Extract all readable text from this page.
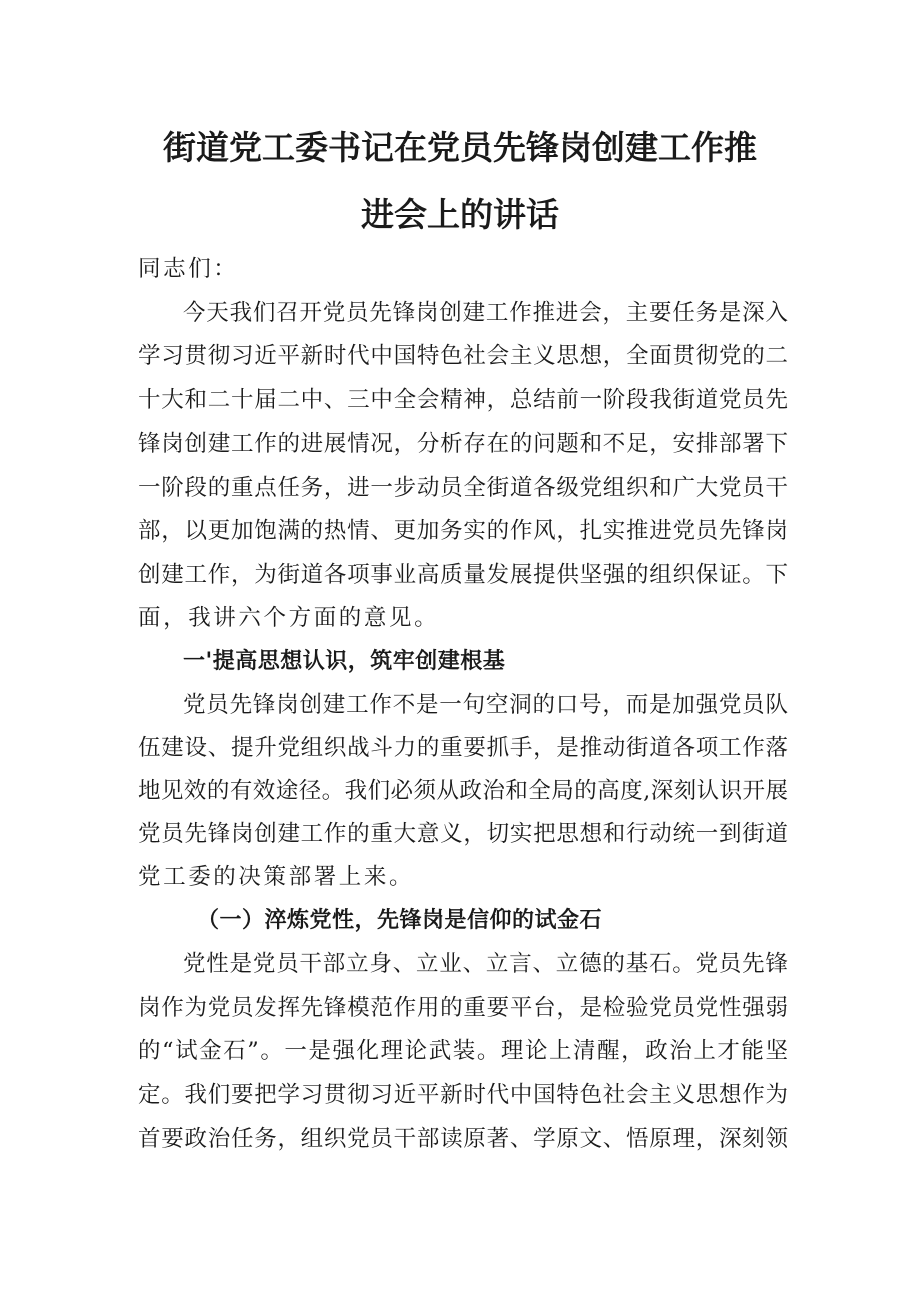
街道党工委书记在党员先锋岗创建工作推
进会上的讲话
同志们：
今天我们召开党员先锋岗创建工作推进会，主要任务是深入
学习贯彻习近平新时代中国特色社会主义思想，全面贯彻党的二
十大和二十届二中、三中全会精神，总结前一阶段我街道党员先
锋岗创建工作的进展情况，分析存在的问题和不足，安排部署下
一阶段的重点任务，进一步动员全街道各级党组织和广大党员干
部，以更加饱满的热情、更加务实的作风，扎实推进党员先锋岗
创建工作，为街道各项事业高质量发展提供坚强的组织保证。下
面，我讲六个方面的意见。
一'提高思想认识，筑牢创建根基
党员先锋岗创建工作不是一句空洞的口号，而是加强党员队
伍建设、提升党组织战斗力的重要抓手，是推动街道各项工作落
地见效的有效途径。我们必须从政治和全局的高度,深刻认识开展
党员先锋岗创建工作的重大意义，切实把思想和行动统一到街道
党工委的决策部署上来。
（一）淬炼党性，先锋岗是信仰的试金石
党性是党员干部立身、立业、立言、立德的基石。党员先锋
岗作为党员发挥先锋模范作用的重要平台，是检验党员党性强弱
的“试金石”。一是强化理论武装。理论上清醒，政治上才能坚
定。我们要把学习贯彻习近平新时代中国特色社会主义思想作为
首要政治任务，组织党员干部读原著、学原文、悟原理，深刻领
